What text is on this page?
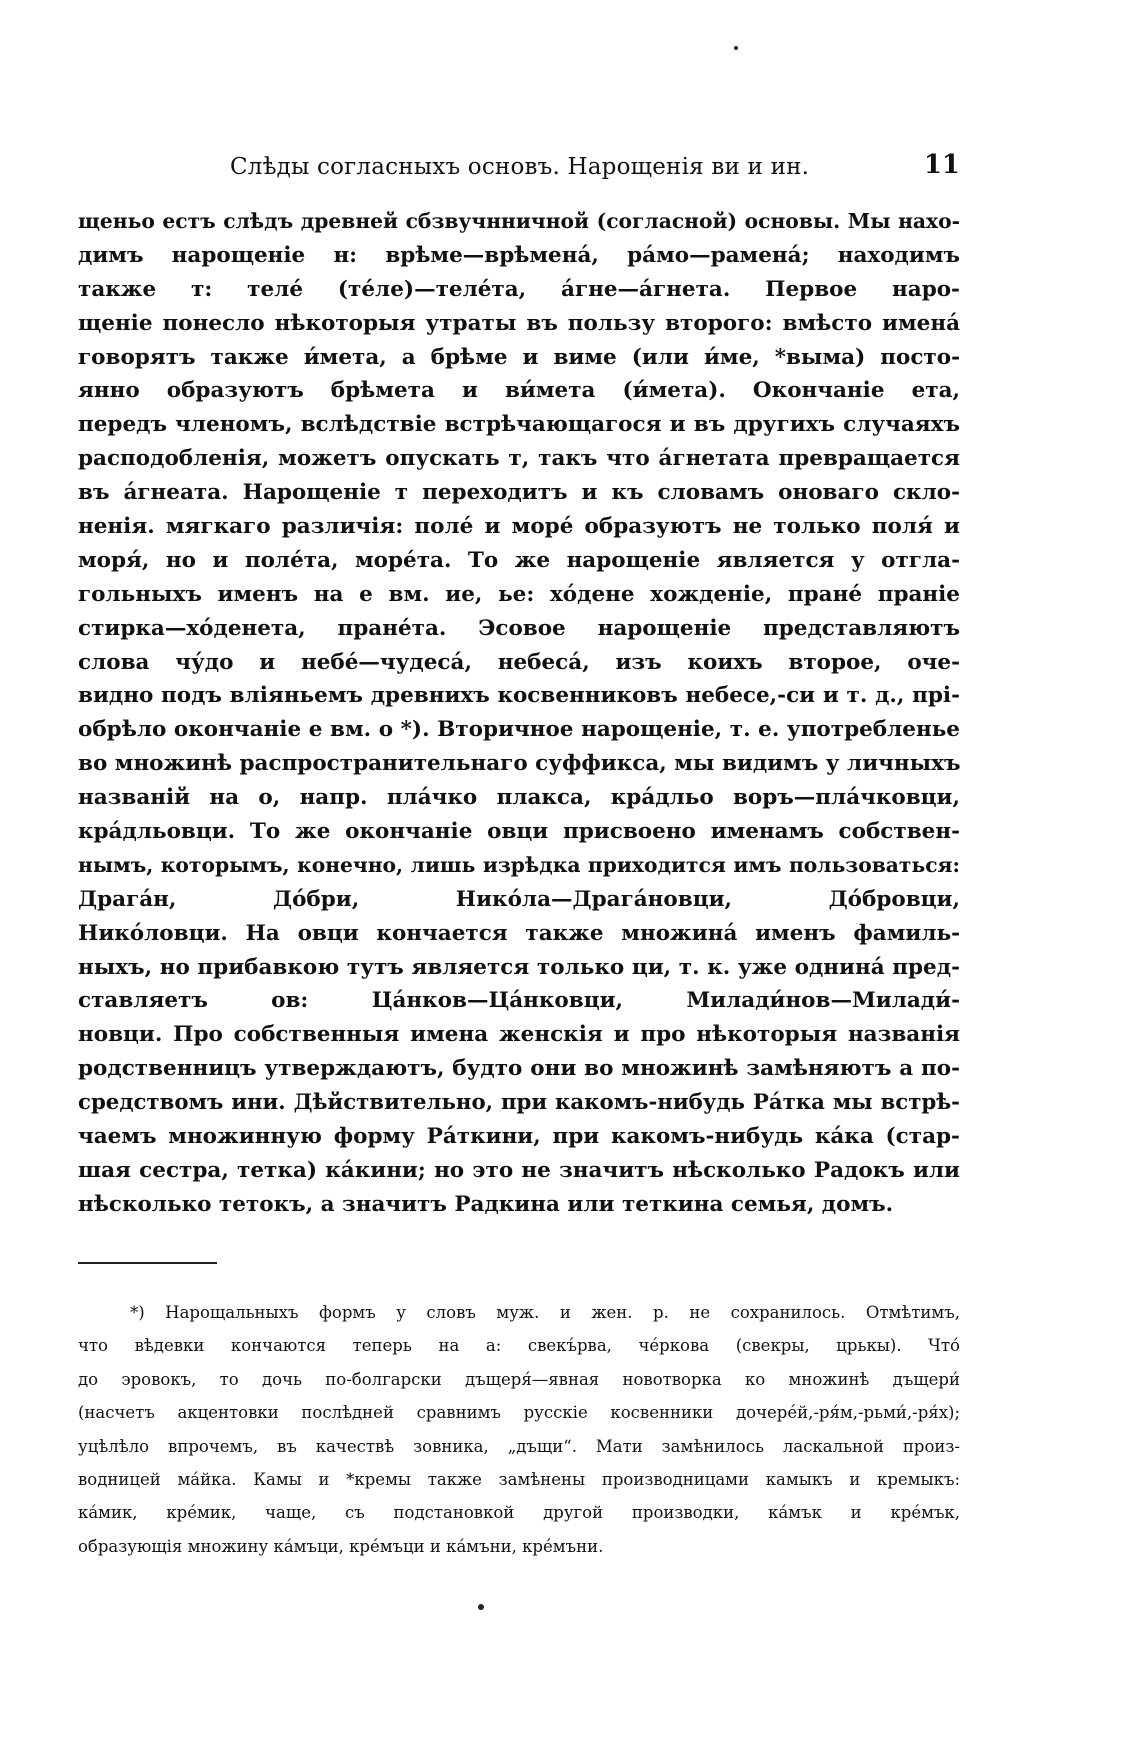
Слѣды согласныхъ основъ. Нарощенія ви и ин.	11
щеньо естъ слѣдъ древней сбзвучнничной (согласной) основы. Мы нахо-
димъ нарощеніе н: врѣме—врѣмена́, ра́мо—рамена́; находимъ
также т: телé (тéле)—телéта, а́гне—а́гнета. Первое наро-
щеніе понесло нѣкоторыя утраты въ пользу второго: вмѣсто имена́
говорятъ также и́мета, а брѣме и виме (или и́ме, *выма) посто-
янно образуютъ брѣмета и ви́мета (и́мета). Окончаніе ета,
передъ членомъ, вслѣдствіе встрѣчающагося и въ другихъ случаяхъ
расподобленія, можетъ опускать т, такъ что а́гнетата превращается
въ а́гнеата. Нарощеніе т переходитъ и къ словамъ оноваго скло-
ненія. мягкаго различія: полé и морé образуютъ не только поля́ и
моря́, но и полéта, морéта. То же нарощеніе является у отгла-
гольныхъ именъ на е вм. ие, ье: хо́дене хожденіе, пранé праніе
стирка—хо́денета, пранéта. Эсовое нарощеніе представляютъ
слова чу́до и небé—чудеса́, небеса́, изъ коихъ второе, оче-
видно подъ вліяньемъ древнихъ косвенниковъ небесе,-си и т. д., прі-
обрѣло окончаніе е вм. о *). Вторичное нарощеніе, т. е. употребленье
во множинѣ распространительнаго суффикса, мы видимъ у личныхъ
названій на о, напр. пла́чко плакса, кра́дльо воръ—пла́чковци,
кра́дльовци. То же окончаніе овци присвоено именамъ собствен-
нымъ, которымъ, конечно, лишь изрѣдка приходится имъ пользоваться:
Драга́н, До́бри, Нико́ла—Драга́новци, До́бровци,
Нико́ловци. На овци кончается также множина́ именъ фамиль-
ныхъ, но прибавкою тутъ является только ци, т. к. уже однина́ пред-
ставляетъ ов: Ца́нков—Ца́нковци, Милади́нов—Милади́-
новци. Про собственныя имена женскія и про нѣкоторыя названія
родственницъ утверждаютъ, будто они во множинѣ замѣняютъ а по-
средствомъ ини. Дѣйствительно, при какомъ-нибудь Ра́тка мы встрѣ-
чаемъ множинную форму Ра́ткини, при какомъ-нибудь ка́ка (стар-
шая сестра, тетка) ка́кини; но это не значитъ нѣсколько Радокъ или
нѣсколько тетокъ, а значитъ Радкина или теткина семья, домъ.
*) Нарощальныхъ формъ у словъ муж. и жен. р. не сохранилось. Отмѣтимъ,
что вѣдевки кончаются теперь на а: свекъ́рва, чéркова (свекры, црькы). Что́
до эровокъ, то дочь по-болгарски дъщеря́—явная новотворка ко множинѣ дъщери́
(насчетъ акцентовки послѣдней сравнимъ русскіе косвенники дочерéй,-ря́м,-рьми́,-ря́х);
уцѣлѣло впрочемъ, въ качествѣ зовника, „дъщи“. Мати замѣнилось ласкальной произ-
водницей ма́йка. Камы и *кремы также замѣнены производницами камыкъ и кремыкъ:
ка́мик, крéмик, чаще, съ подстановкой другой производки, ка́мък и крéмък,
образующія множину ка́мъци, крéмъци и ка́мъни, крéмъни.
